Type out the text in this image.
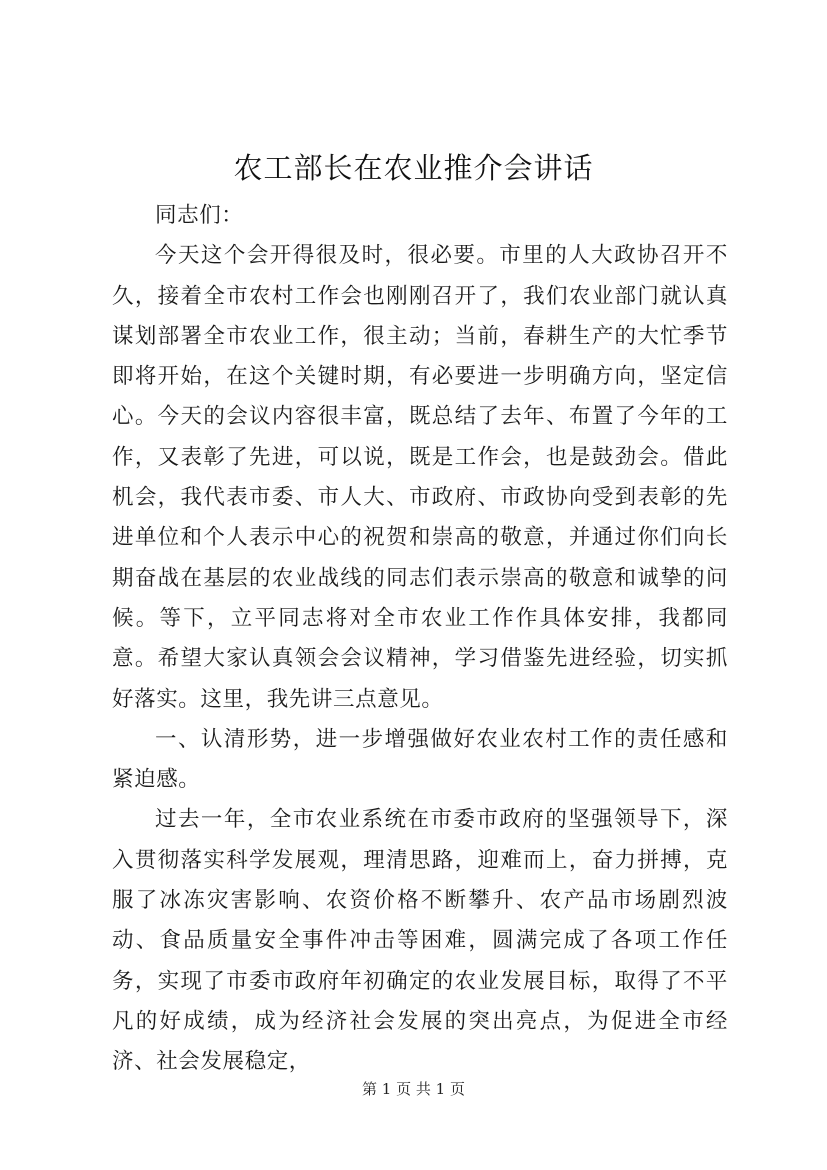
农工部长在农业推介会讲话

同志们：

今天这个会开得很及时，很必要。市里的人大政协召开不久，接着全市农村工作会也刚刚召开了，我们农业部门就认真谋划部署全市农业工作，很主动；当前，春耕生产的大忙季节即将开始，在这个关键时期，有必要进一步明确方向，坚定信心。今天的会议内容很丰富，既总结了去年、布置了今年的工作，又表彰了先进，可以说，既是工作会，也是鼓劲会。借此机会，我代表市委、市人大、市政府、市政协向受到表彰的先进单位和个人表示中心的祝贺和崇高的敬意，并通过你们向长期奋战在基层的农业战线的同志们表示崇高的敬意和诚挚的问候。等下，立平同志将对全市农业工作作具体安排，我都同意。希望大家认真领会会议精神，学习借鉴先进经验，切实抓好落实。这里，我先讲三点意见。

一、认清形势，进一步增强做好农业农村工作的责任感和紧迫感。

过去一年，全市农业系统在市委市政府的坚强领导下，深入贯彻落实科学发展观，理清思路，迎难而上，奋力拼搏，克服了冰冻灾害影响、农资价格不断攀升、农产品市场剧烈波动、食品质量安全事件冲击等困难，圆满完成了各项工作任务，实现了市委市政府年初确定的农业发展目标，取得了不平凡的好成绩，成为经济社会发展的突出亮点，为促进全市经济、社会发展稳定，

第 1 页 共 1 页
